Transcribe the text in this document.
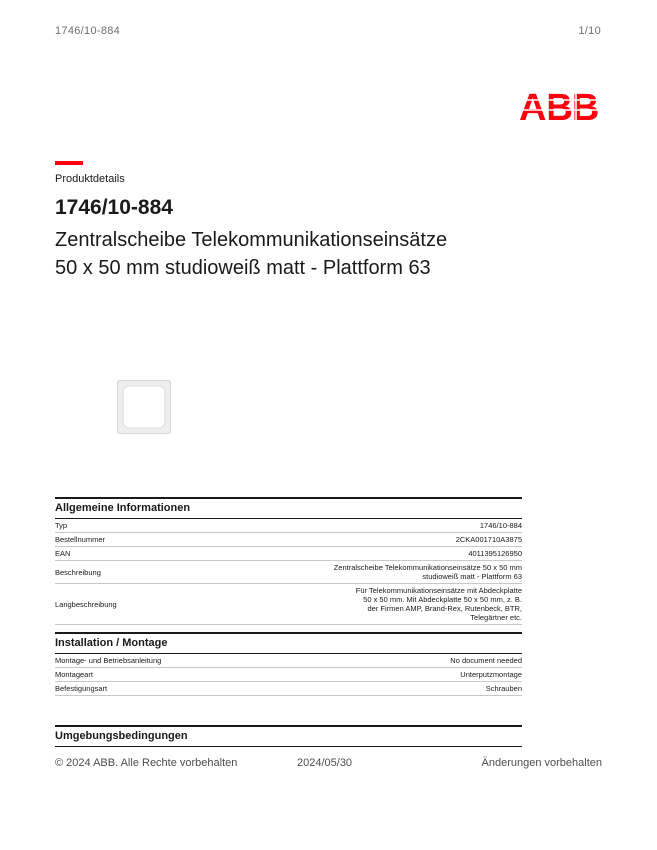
1746/10-884	1/10
ABB
Produktdetails
1746/10-884
Zentralscheibe Telekommunikationseinsätze
50 x 50 mm studioweiß matt - Plattform 63
Allgemeine Informationen
Typ	1746/10-884
Bestellnummer	2CKA001710A3875
EAN	4011395126950
Beschreibung	Zentralscheibe Telekommunikationseinsätze 50 x 50 mm studioweiß matt - Plattform 63
Langbeschreibung
Für Telekommunikationseinsätze mit Abdeckplatte 50 x 50 mm. Mit Abdeckplatte 50 x 50 mm, z. B. der Firmen AMP, Brand-Rex, Rutenbeck, BTR, Telegärtner etc.
Installation / Montage
Montage- und Betriebsanleitung	No document needed
Montageart	Unterputzmontage
Befestigungsart	Schrauben
Umgebungsbedingungen
© 2024 ABB. Alle Rechte vorbehalten	2024/05/30	Änderungen vorbehalten
